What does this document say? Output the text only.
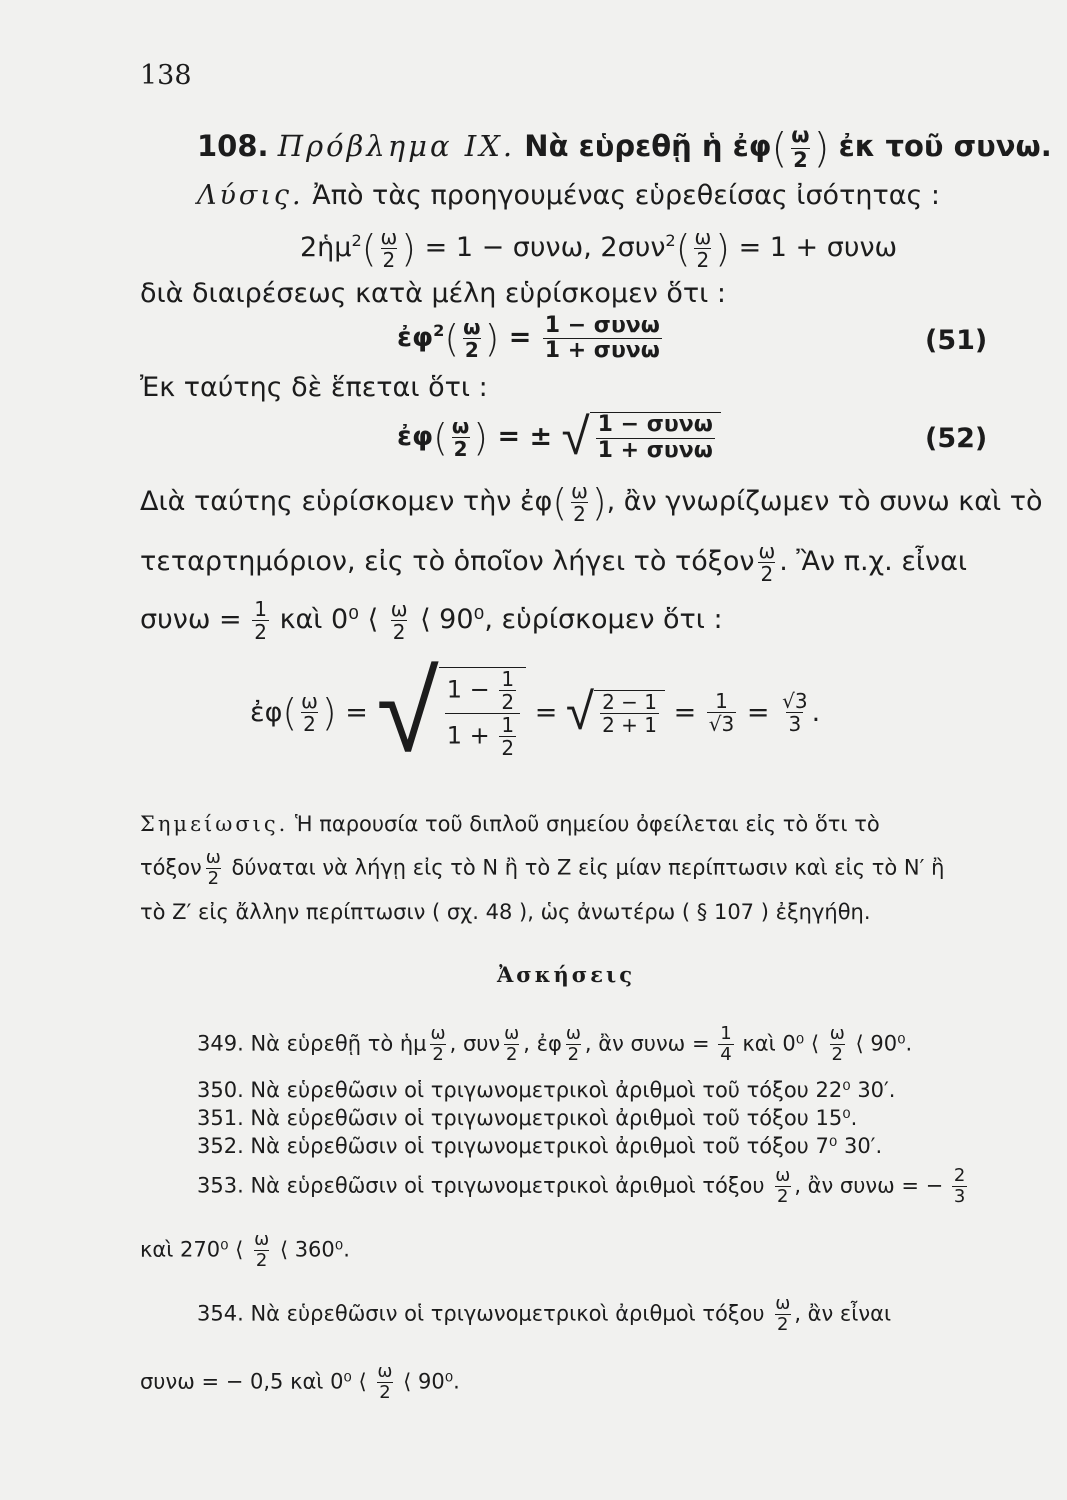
138
108. Πρόβλημα IX. Νὰ εὑρεθῇ ἡ ἐφ( $\frac{\omega}{2}$ ) ἐκ τοῦ συνω.
Λύσις. Ἀπὸ τὰς προηγουμένας εὑρεθείσας ἰσότητας :
2ἡμ$^2$( $\frac{\omega}{2}$ ) = 1 − συνω, $2\sigma\upsilon\nu^2( \frac{\omega}{2}$ ) = 1 + συνω
διὰ διαιρέσεως κατὰ μέλη εὑρίσκομεν ὅτι :
ἐφ$^2$( $\frac{\omega}{2}$ ) = $\frac{\text{1 − συνω}}{\text{1 + συνω}}$	(51)
Ἐκ ταύτης δὲ ἕπεται ὅτι :
ἐφ( $\frac{\omega}{2}$ ) = ± √ $\frac{\text{1 − συνω}}{\text{1 + συνω}}$	(52)
Διὰ ταύτης εὑρίσκομεν τὴν ἐφ( $\frac{\omega}{2}$ ), ἂν γνωρίζωμεν τὸ συνω καὶ τὸ
τεταρτημόριον, εἰς τὸ ὁποῖον λήγει τὸ τόξον $\frac{\omega}{2}$ . Ἂν π.χ. εἶναι
$\sigma\upsilon\nu\omega = \frac{1}{2}$ καὶ 0⁰ ⟨ $\frac{\omega}{2}$ ⟨ 90⁰, εὑρίσκομεν ὅτι :
ἐφ( $\frac{\omega}{2}$ ) = √ $\frac{1 - \frac{1}{2}}{1 + \frac{1}{2}}$ = √ $\frac{2 - 1}{2 + 1} = \frac{1}{√3} = \frac{√3}{3}$ .
Σημείωσις. Ἡ παρουσία τοῦ διπλοῦ σημείου ὀφείλεται εἰς τὸ ὅτι τὸ
τόξον $\frac{\omega}{2}$ δύναται νὰ λήγῃ εἰς τὸ Ν ἢ τὸ Ζ εἰς μίαν περίπτωσιν καὶ εἰς τὸ Ν′ ἢ
τὸ Ζ′ εἰς ἄλλην περίπτωσιν ( σχ. 48 ), ὡς ἀνωτέρω ( § 107 ) ἐξηγήθη.
Ἀσκήσεις
349. Νὰ εὑρεθῇ τὸ ἡμ $\frac{\omega}{2}$ , συν $\frac{\omega}{2}$ , ἐφ $\frac{\omega}{2}$ , ἂν $\sigma\upsilon\nu\omega = \frac{1}{4}$ καὶ 0⁰ ⟨ $\frac{\omega}{2}$ ⟨ 90⁰.
350. Νὰ εὑρεθῶσιν οἱ τριγωνομετρικοὶ ἀριθμοὶ τοῦ τόξου 22⁰ 30′.
351. Νὰ εὑρεθῶσιν οἱ τριγωνομετρικοὶ ἀριθμοὶ τοῦ τόξου 15⁰.
352. Νὰ εὑρεθῶσιν οἱ τριγωνομετρικοὶ ἀριθμοὶ τοῦ τόξου 7⁰ 30′.
353. Νὰ εὑρεθῶσιν οἱ τριγωνομετρικοὶ ἀριθμοὶ τόξου $\frac{\omega}{2}$ , ἂν συνω = − $\frac{2}{3}$
καὶ 270⁰ ⟨ $\frac{\omega}{2}$ ⟨ 360⁰.
354. Νὰ εὑρεθῶσιν οἱ τριγωνομετρικοὶ ἀριθμοὶ τόξου $\frac{\omega}{2}$ , ἂν εἶναι
συνω = − 0,5 καὶ 0⁰ ⟨ $\frac{\omega}{2}$ ⟨ 90⁰.
